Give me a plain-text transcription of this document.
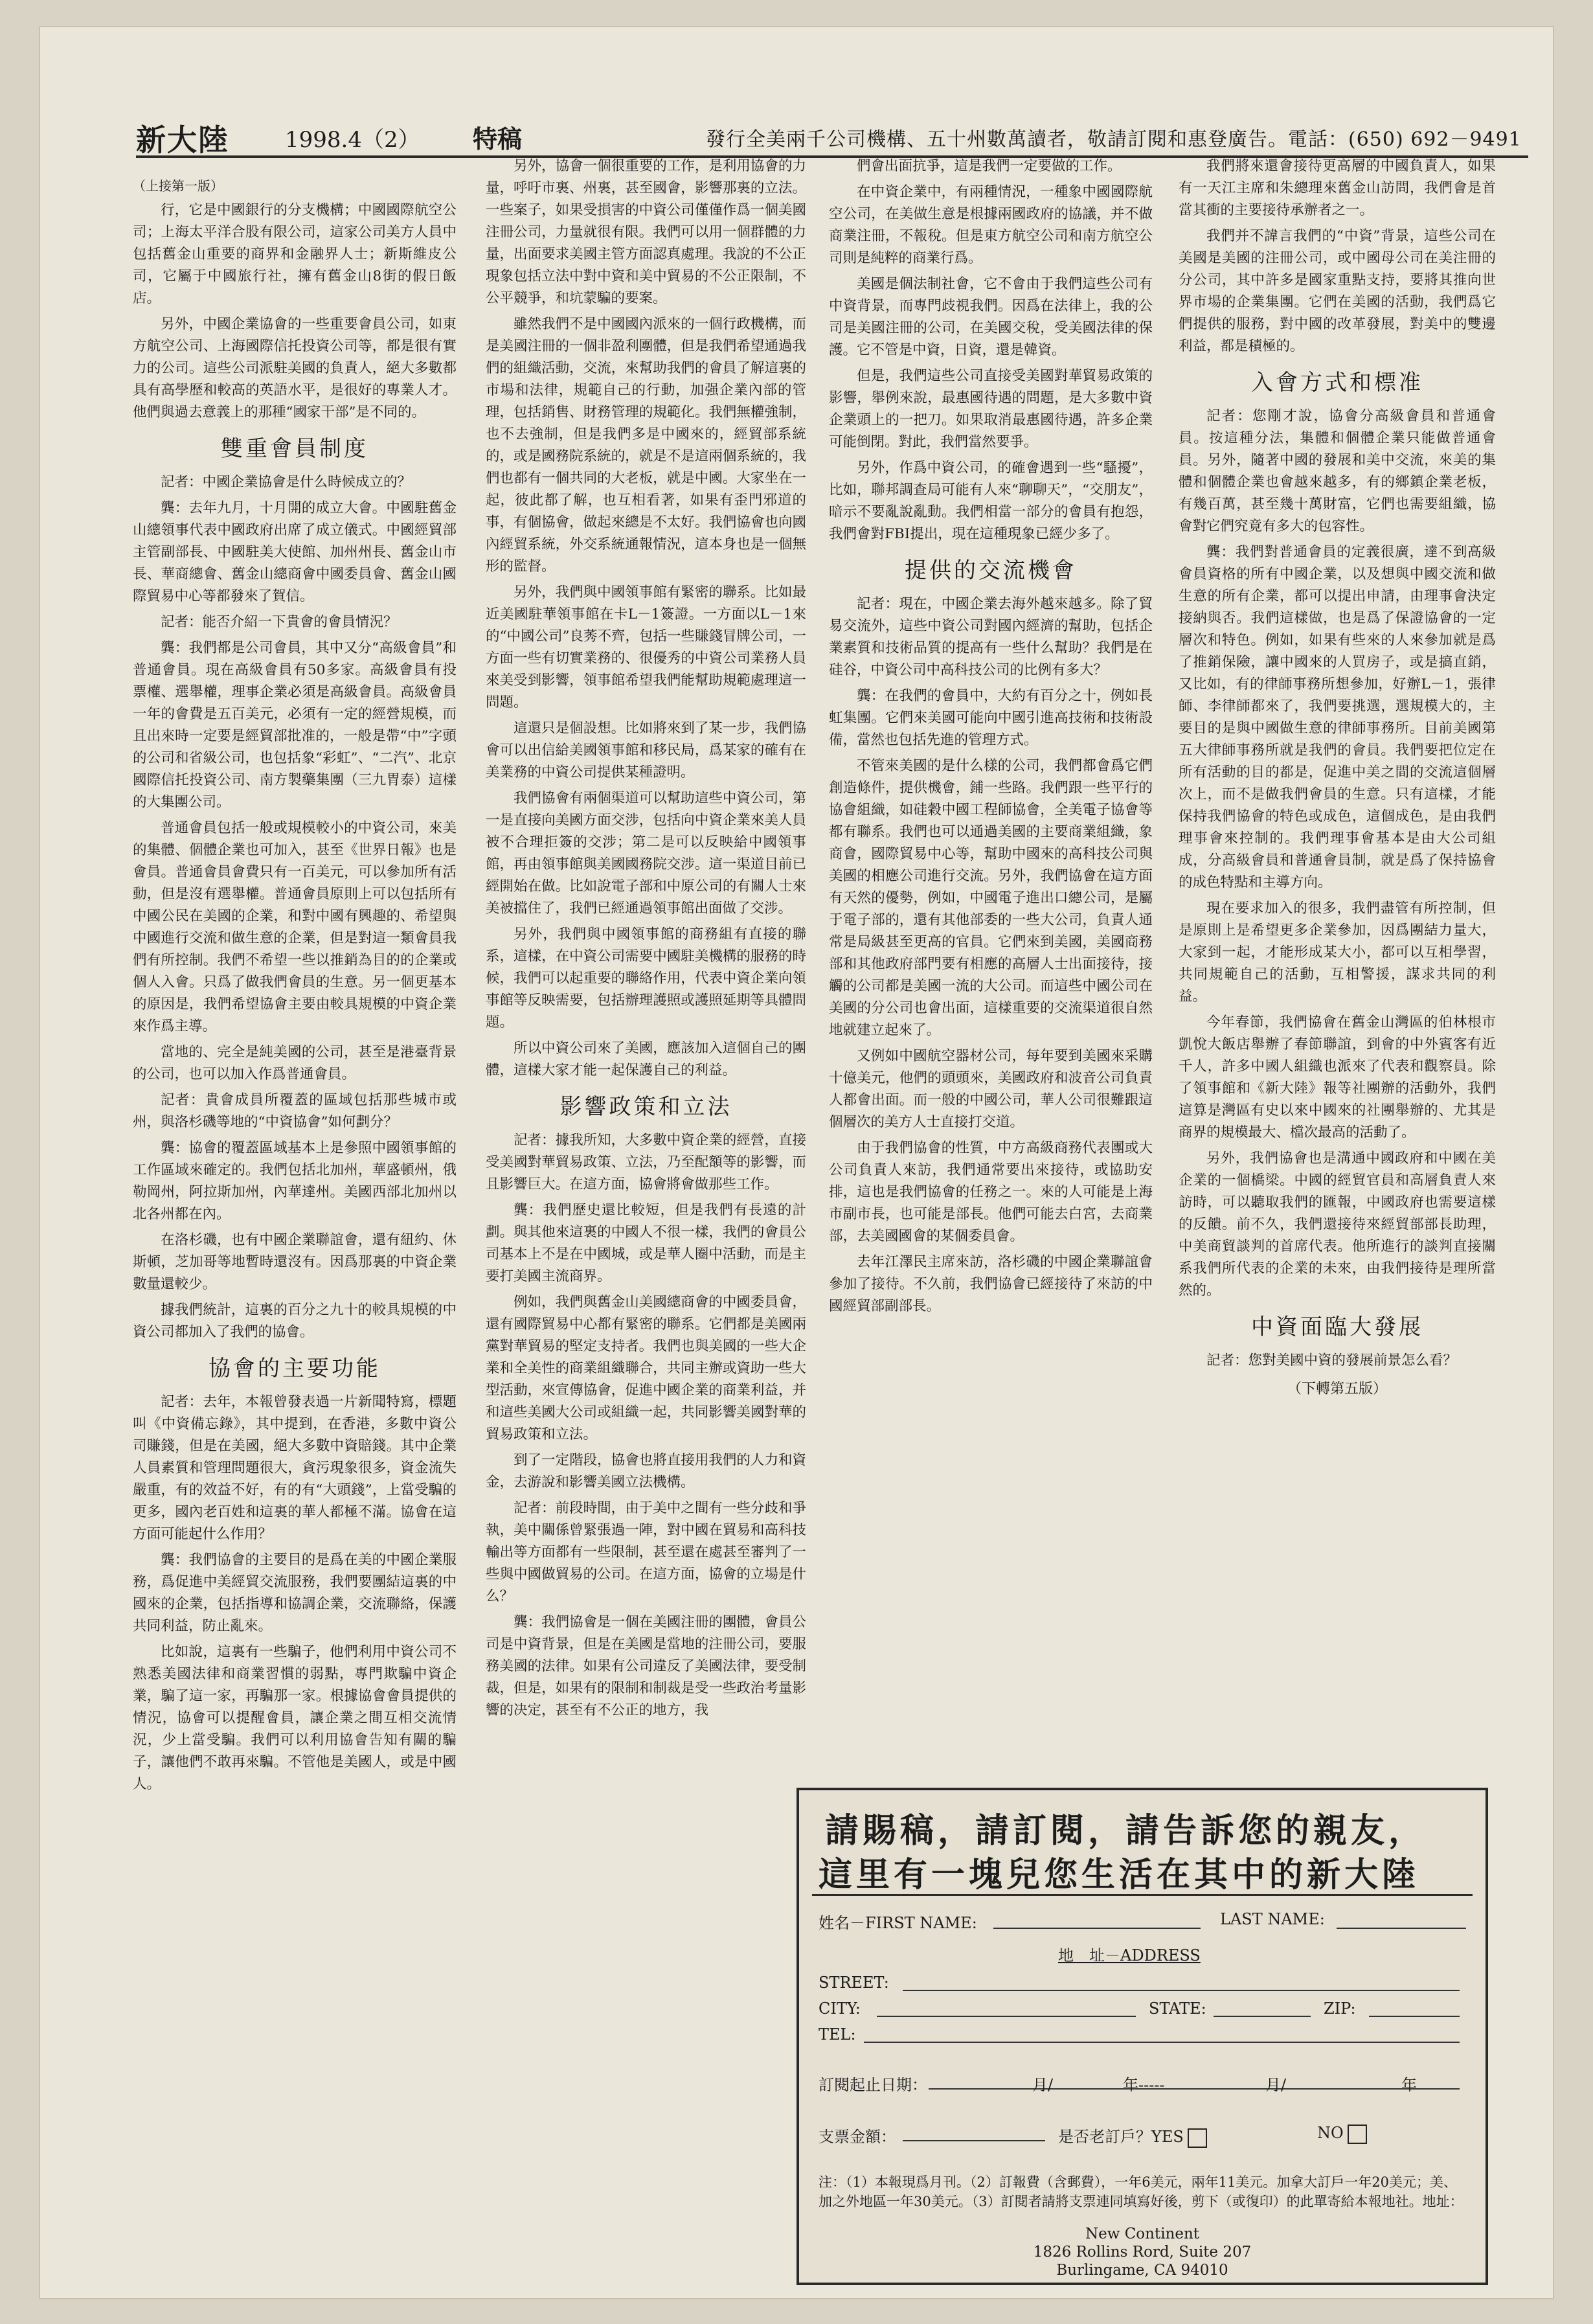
新大陸	1998.4（2） 特稿	發行全美兩千公司機構、五十州數萬讀者，敬請訂閱和惠登廣告。電話：(650) 692－9491
（上接第一版）

行，它是中國銀行的分支機構；中國國際航空公司；上海太平洋合股有限公司，這家公司美方人員中包括舊金山重要的商界和金融界人士；新斯維皮公司，它屬于中國旅行社，擁有舊金山8街的假日飯店。

另外，中國企業協會的一些重要會員公司，如東方航空公司、上海國際信托投資公司等，都是很有實力的公司。這些公司派駐美國的負責人，絕大多數都具有高學歷和較高的英語水平，是很好的專業人才。他們與過去意義上的那種“國家干部”是不同的。

雙重會員制度

記者：中國企業協會是什么時候成立的？

龔：去年九月，十月開的成立大會。中國駐舊金山總領事代表中國政府出席了成立儀式。中國經貿部主管副部長、中國駐美大使館、加州州長、舊金山市長、華商總會、舊金山總商會中國委員會、舊金山國際貿易中心等都發來了賀信。

記者：能否介紹一下貴會的會員情況？

龔：我們都是公司會員，其中又分“高級會員”和普通會員。現在高級會員有50多家。高級會員有投票權、選舉權，理事企業必須是高級會員。高級會員一年的會費是五百美元，必須有一定的經營規模，而且出來時一定要是經貿部批准的，一般是帶“中”字頭的公司和省級公司，也包括象“彩虹”、“二汽”、北京國際信托投資公司、南方製藥集團（三九胃泰）這樣的大集團公司。

普通會員包括一般或規模較小的中資公司，來美的集體、個體企業也可加入，甚至《世界日報》也是會員。普通會員會費只有一百美元，可以參加所有活動，但是沒有選舉權。普通會員原則上可以包括所有中國公民在美國的企業，和對中國有興趣的、希望與中國進行交流和做生意的企業，但是對這一類會員我們有所控制。我們不希望一些以推銷為目的的企業或個人入會。只爲了做我們會員的生意。另一個更基本的原因是，我們希望協會主要由較具規模的中資企業來作爲主導。

當地的、完全是純美國的公司，甚至是港臺背景的公司，也可以加入作爲普通會員。

記者：貴會成員所覆蓋的區域包括那些城市或州，與洛杉磯等地的“中資協會”如何劃分？

龔：協會的覆蓋區域基本上是參照中國領事館的工作區域來確定的。我們包括北加州，華盛頓州，俄勒岡州，阿拉斯加州，內華達州。美國西部北加州以北各州都在內。

在洛杉磯，也有中國企業聯誼會，還有紐約、休斯頓，芝加哥等地暫時還沒有。因爲那裏的中資企業數量還較少。

據我們統計，這裏的百分之九十的較具規模的中資公司都加入了我們的協會。

協會的主要功能

記者：去年，本報曾發表過一片新聞特寫，標題叫《中資備忘錄》，其中提到，在香港，多數中資公司賺錢，但是在美國，絕大多數中資賠錢。其中企業人員素質和管理問題很大，貪污現象很多，資金流失嚴重，有的效益不好，有的有“大頭錢”，上當受騙的更多，國內老百姓和這裏的華人都極不滿。協會在這方面可能起什么作用？

龔：我們協會的主要目的是爲在美的中國企業服務，爲促進中美經貿交流服務，我們要團結這裏的中國來的企業，包括指導和協調企業，交流聯絡，保護共同利益，防止亂來。

比如說，這裏有一些騙子，他們利用中資公司不熟悉美國法律和商業習慣的弱點，專門欺騙中資企業，騙了這一家，再騙那一家。根據協會會員提供的情況，協會可以提醒會員，讓企業之間互相交流情況，少上當受騙。我們可以利用協會告知有關的騙子，讓他們不敢再來騙。不管他是美國人，或是中國人。

另外，協會一個很重要的工作，是利用協會的力量，呼吁市裏、州裏，甚至國會，影響那裏的立法。一些案子，如果受損害的中資公司僅僅作爲一個美國注冊公司，力量就很有限。我們可以用一個群體的力量，出面要求美國主管方面認真處理。我說的不公正現象包括立法中對中資和美中貿易的不公正限制，不公平競爭，和坑蒙騙的要案。

雖然我們不是中國國內派來的一個行政機構，而是美國注冊的一個非盈利團體，但是我們希望通過我們的組織活動，交流，來幫助我們的會員了解這裏的市場和法律，規範自己的行動，加强企業內部的管理，包括銷售、財務管理的規範化。我們無權強制，也不去強制，但是我們多是中國來的，經貿部系統的，或是國務院系統的，就是不是這兩個系統的，我們也都有一個共同的大老板，就是中國。大家坐在一起，彼此都了解，也互相看著，如果有歪門邪道的事，有個協會，做起來總是不太好。我們協會也向國內經貿系統，外交系統通報情況，這本身也是一個無形的監督。

另外，我們與中國領事館有緊密的聯系。比如最近美國駐華領事館在卡L－1簽證。一方面以L－1來的“中國公司”良莠不齊，包括一些賺錢冒牌公司，一方面一些有切實業務的、很優秀的中資公司業務人員來美受到影響，領事館希望我們能幫助規範處理這一問題。

這還只是個設想。比如將來到了某一步，我們協會可以出信給美國領事館和移民局，爲某家的確有在美業務的中資公司提供某種證明。

我們協會有兩個渠道可以幫助這些中資公司，第一是直接向美國方面交涉，包括向中資企業來美人員被不合理拒簽的交涉；第二是可以反映給中國領事館，再由領事館與美國國務院交涉。這一渠道目前已經開始在做。比如說電子部和中原公司的有關人士來美被擋住了，我們已經通過領事館出面做了交涉。

另外，我們與中國領事館的商務組有直接的聯系，這樣，在中資公司需要中國駐美機構的服務的時候，我們可以起重要的聯絡作用，代表中資企業向領事館等反映需要，包括辦理護照或護照延期等具體問題。

所以中資公司來了美國，應該加入這個自己的團體，這樣大家才能一起保護自己的利益。

影響政策和立法

記者：據我所知，大多數中資企業的經營，直接受美國對華貿易政策、立法，乃至配額等的影響，而且影響巨大。在這方面，協會將會做那些工作。

龔：我們歷史還比較短，但是我們有長遠的計劃。與其他來這裏的中國人不很一樣，我們的會員公司基本上不是在中國城，或是華人圈中活動，而是主要打美國主流商界。

例如，我們與舊金山美國總商會的中國委員會，還有國際貿易中心都有緊密的聯系。它們都是美國兩黨對華貿易的堅定支持者。我們也與美國的一些大企業和全美性的商業組織聯合，共同主辦或資助一些大型活動，來宣傳協會，促進中國企業的商業利益，并和這些美國大公司或組織一起，共同影響美國對華的貿易政策和立法。

到了一定階段，協會也將直接用我們的人力和資金，去游說和影響美國立法機構。

記者：前段時間，由于美中之間有一些分歧和爭執，美中關係曾緊張過一陣，對中國在貿易和高科技輸出等方面都有一些限制，甚至還在處甚至審判了一些與中國做貿易的公司。在這方面，協會的立場是什么？

龔：我們協會是一個在美國注冊的團體，會員公司是中資背景，但是在美國是當地的注冊公司，要服務美國的法律。如果有公司違反了美國法律，要受制裁，但是，如果有的限制和制裁是受一些政治考量影響的决定，甚至有不公正的地方，我

們會出面抗爭，這是我們一定要做的工作。

在中資企業中，有兩種情況，一種象中國國際航空公司，在美做生意是根據兩國政府的協議，并不做商業注冊，不報稅。但是東方航空公司和南方航空公司則是純粹的商業行爲。

美國是個法制社會，它不會由于我們這些公司有中資背景，而專門歧視我們。因爲在法律上，我的公司是美國注冊的公司，在美國交稅，受美國法律的保護。它不管是中資，日資，還是韓資。

但是，我們這些公司直接受美國對華貿易政策的影響，舉例來說，最惠國待遇的問題，是大多數中資企業頭上的一把刀。如果取消最惠國待遇，許多企業可能倒閉。對此，我們當然要爭。

另外，作爲中資公司，的確會遇到一些“騷擾”，比如，聯邦調查局可能有人來“聊聊天”，“交朋友”，暗示不要亂說亂動。我們相當一部分的會員有抱怨，我們會對FBI提出，現在這種現象已經少多了。

提供的交流機會

記者：現在，中國企業去海外越來越多。除了貿易交流外，這些中資公司對國內經濟的幫助，包括企業素質和技術品質的提高有一些什么幫助？我們是在硅谷，中資公司中高科技公司的比例有多大？

龔：在我們的會員中，大約有百分之十，例如長虹集團。它們來美國可能向中國引進高技術和技術設備，當然也包括先進的管理方式。

不管來美國的是什么樣的公司，我們都會爲它們創造條件，提供機會，鋪一些路。我們跟一些平行的協會組織，如硅穀中國工程師協會，全美電子協會等都有聯系。我們也可以通過美國的主要商業組織，象商會，國際貿易中心等，幫助中國來的高科技公司與美國的相應公司進行交流。另外，我們協會在這方面有天然的優勢，例如，中國電子進出口總公司，是屬于電子部的，還有其他部委的一些大公司，負責人通常是局級甚至更高的官員。它們來到美國，美國商務部和其他政府部門要有相應的高層人士出面接待，接觸的公司都是美國一流的大公司。而這些中國公司在美國的分公司也會出面，這樣重要的交流渠道很自然地就建立起來了。

又例如中國航空器材公司，每年要到美國來采購十億美元，他們的頭頭來，美國政府和波音公司負責人都會出面。而一般的中國公司，華人公司很難跟這個層次的美方人士直接打交道。

由于我們協會的性質，中方高級商務代表團或大公司負責人來訪，我們通常要出來接待，或協助安排，這也是我們協會的任務之一。來的人可能是上海市副市長，也可能是部長。他們可能去白宮，去商業部，去美國國會的某個委員會。

去年江澤民主席來訪，洛杉磯的中國企業聯誼會參加了接待。不久前，我們協會已經接待了來訪的中國經貿部副部長。

我們將來還會接待更高層的中國負責人，如果有一天江主席和朱總理來舊金山訪問，我們會是首當其衝的主要接待承辦者之一。

我們并不諱言我們的“中資”背景，這些公司在美國是美國的注冊公司，或中國母公司在美注冊的分公司，其中許多是國家重點支持，要將其推向世界市場的企業集團。它們在美國的活動，我們爲它們提供的服務，對中國的改革發展，對美中的雙邊利益，都是積極的。

入會方式和標准

記者：您剛才說，協會分高級會員和普通會員。按這種分法，集體和個體企業只能做普通會員。另外，隨著中國的發展和美中交流，來美的集體和個體企業也會越來越多，有的鄉鎮企業老板，有幾百萬，甚至幾十萬財富，它們也需要組織，協會對它們究竟有多大的包容性。

龔：我們對普通會員的定義很廣，達不到高級會員資格的所有中國企業，以及想與中國交流和做生意的所有企業，都可以提出申請，由理事會決定接納與否。我們這樣做，也是爲了保證協會的一定層次和特色。例如，如果有些來的人來參加就是爲了推銷保險，讓中國來的人買房子，或是搞直銷，又比如，有的律師事務所想參加，好辦L－1，張律師、李律師都來了，我們要挑選，選規模大的，主要目的是與中國做生意的律師事務所。目前美國第五大律師事務所就是我們的會員。我們要把位定在所有活動的目的都是，促進中美之間的交流這個層次上，而不是做我們會員的生意。只有這樣，才能保持我們協會的特色或成色，這個成色，是由我們理事會來控制的。我們理事會基本是由大公司組成，分高級會員和普通會員制，就是爲了保持協會的成色特點和主導方向。

現在要求加入的很多，我們盡管有所控制，但是原則上是希望更多企業參加，因爲團結力量大，大家到一起，才能形成某大小，都可以互相學習，共同規範自己的活動，互相警援，謀求共同的利益。

今年春節，我們協會在舊金山灣區的伯林根市凱悅大飯店舉辦了春節聯誼，到會的中外賓客有近千人，許多中國人組織也派來了代表和觀察員。除了領事館和《新大陸》報等社團辦的活動外，我們這算是灣區有史以來中國來的社團舉辦的、尤其是商界的規模最大、檔次最高的活動了。

另外，我們協會也是溝通中國政府和中國在美企業的一個橋梁。中國的經貿官員和高層負責人來訪時，可以聽取我們的匯報，中國政府也需要這樣的反饋。前不久，我們還接待來經貿部部長助理，中美商貿談判的首席代表。他所進行的談判直接關系我們所代表的企業的未來，由我們接待是理所當然的。

中資面臨大發展

記者：您對美國中資的發展前景怎么看？

（下轉第五版）
請賜稿，請訂閱，請告訴您的親友，
這里有一塊兒您生活在其中的新大陸
姓名－FIRST NAME:	LAST NAME:
地　址－ADDRESS
STREET:
CITY:	STATE:	ZIP:
TEL:
訂閱起止日期：	月/	年-----	月/	年
支票金額：	是否老訂戶？YES	NO
注：（1）本報現爲月刊。（2）訂報費（含郵費），一年6美元，兩年11美元。加拿大訂戶一年20美元；美、加之外地區一年30美元。（3）訂閱者請將支票連同填寫好後，剪下（或復印）的此單寄給本報地社。地址：
New Continent
1826 Rollins Rord, Suite 207
Burlingame, CA 94010
